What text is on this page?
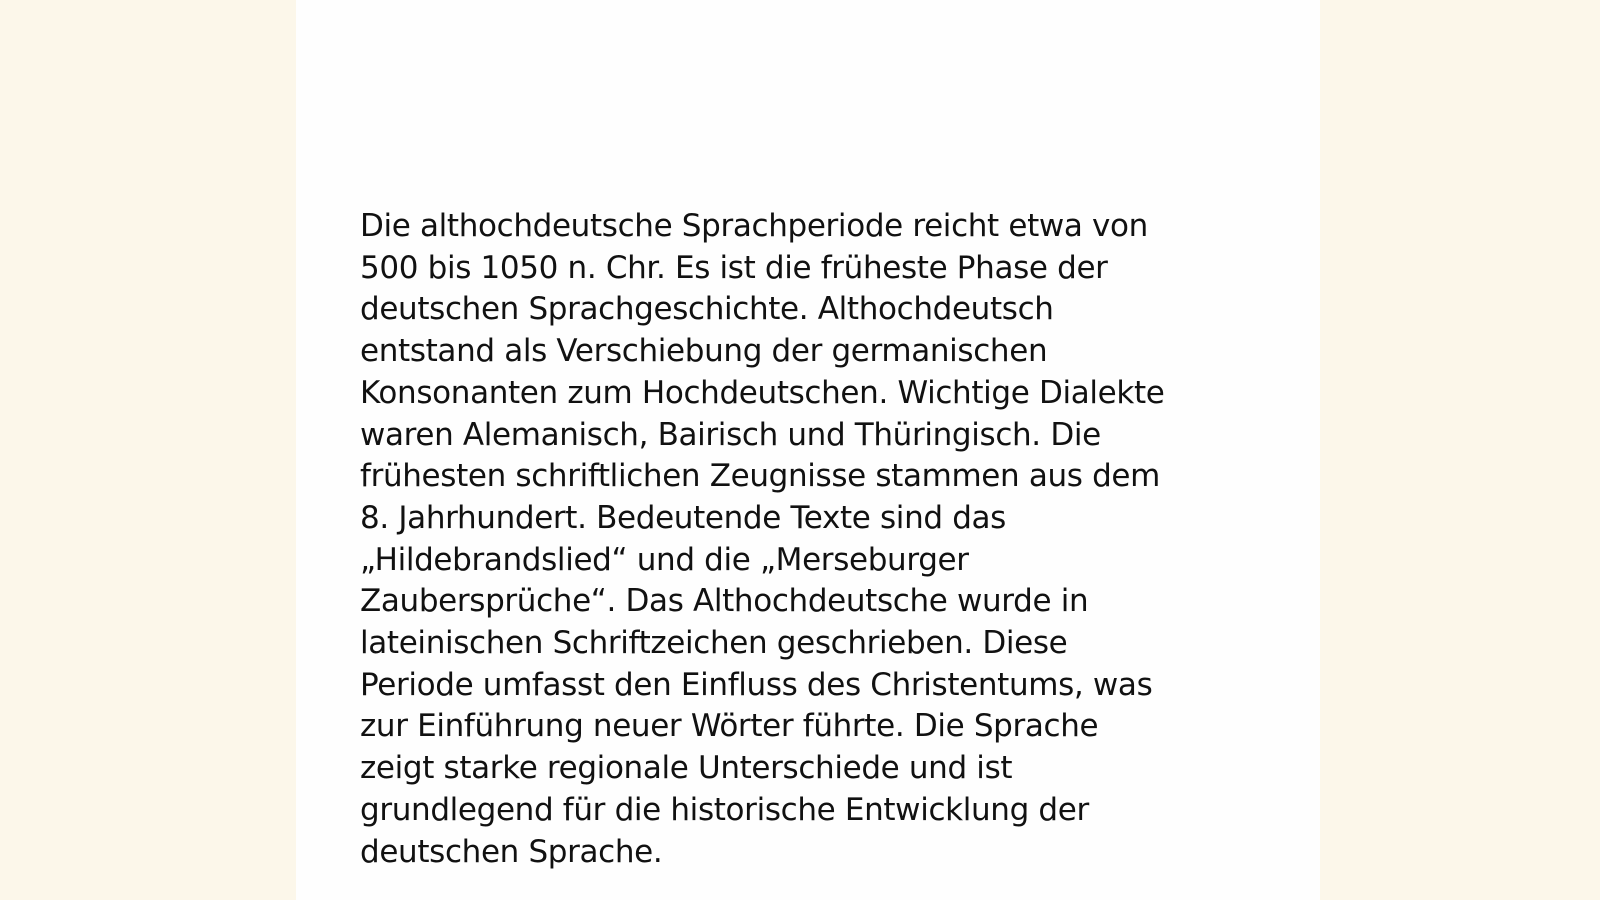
Die althochdeutsche Sprachperiode reicht etwa von
500 bis 1050 n. Chr. Es ist die früheste Phase der
deutschen Sprachgeschichte. Althochdeutsch
entstand als Verschiebung der germanischen
Konsonanten zum Hochdeutschen. Wichtige Dialekte
waren Alemanisch, Bairisch und Thüringisch. Die
frühesten schriftlichen Zeugnisse stammen aus dem
8. Jahrhundert. Bedeutende Texte sind das
„Hildebrandslied“ und die „Merseburger
Zaubersprüche“. Das Althochdeutsche wurde in
lateinischen Schriftzeichen geschrieben. Diese
Periode umfasst den Einfluss des Christentums, was
zur Einführung neuer Wörter führte. Die Sprache
zeigt starke regionale Unterschiede und ist
grundlegend für die historische Entwicklung der
deutschen Sprache.
